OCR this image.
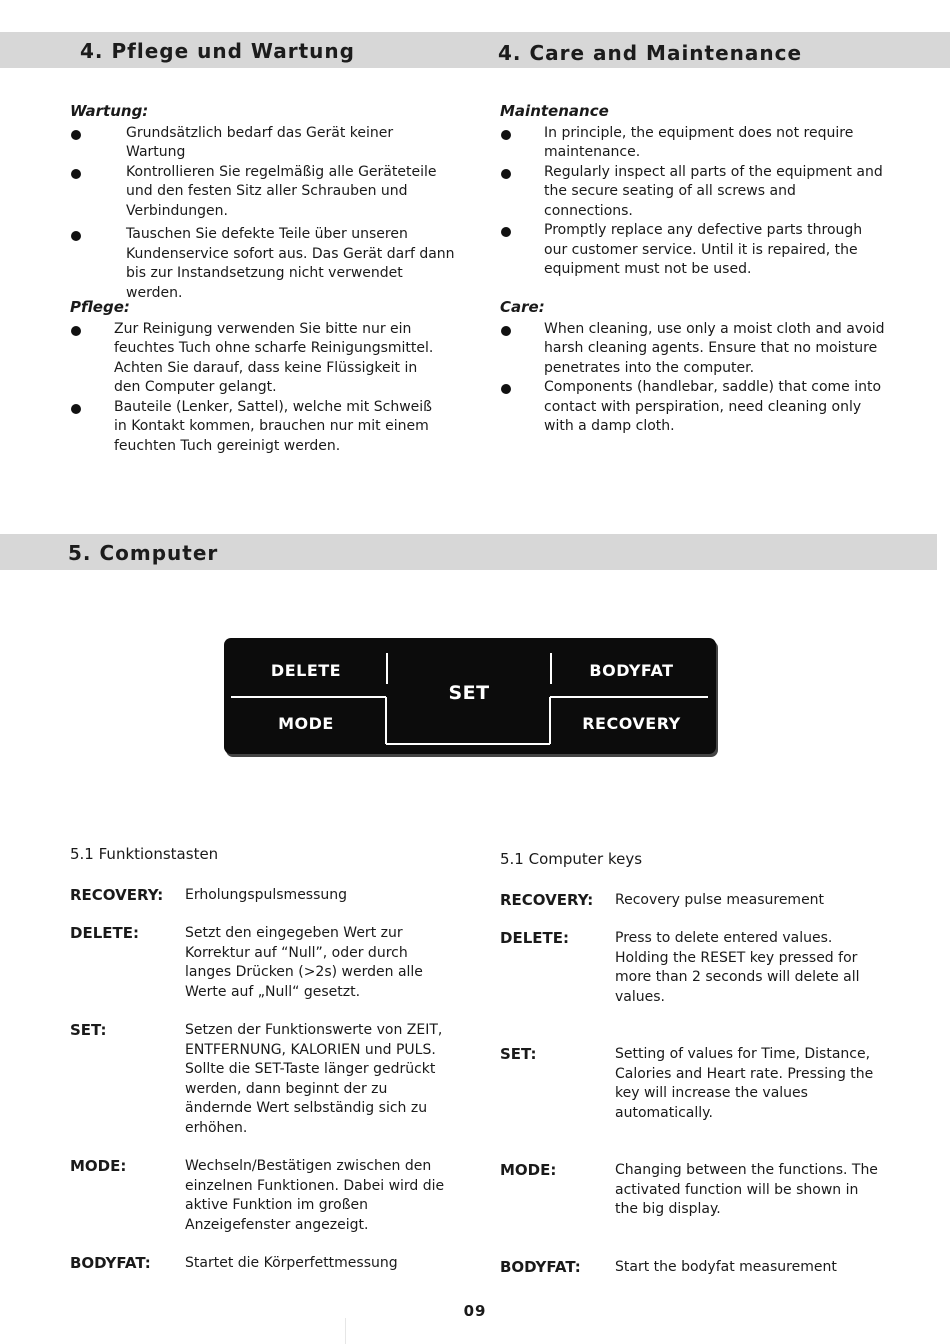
4. Pflege und Wartung	4. Care and Maintenance

Wartung:

Grundsätzlich bedarf das Gerät keiner Wartung
Kontrollieren Sie regelmäßig alle Geräteteile und den festen Sitz aller Schrauben und Verbindungen.
Tauschen Sie defekte Teile über unseren Kundenservice sofort aus. Das Gerät darf dann bis zur Instandsetzung nicht verwendet werden.

Maintenance

In principle, the equipment does not require maintenance.
Regularly inspect all parts of the equipment and the secure seating of all screws and connections.
Promptly replace any defective parts through our customer service. Until it is repaired, the equipment must not be used.

Pflege:

Zur Reinigung verwenden Sie bitte nur ein feuchtes Tuch ohne scharfe Reinigungsmittel. Achten Sie darauf, dass keine Flüssigkeit in den Computer gelangt.
Bauteile (Lenker, Sattel), welche mit Schweiß in Kontakt kommen, brauchen nur mit einem feuchten Tuch gereinigt werden.

Care:

When cleaning, use only a moist cloth and avoid harsh cleaning agents. Ensure that no moisture penetrates into the computer.
Components (handlebar, saddle) that come into contact with perspiration, need cleaning only with a damp cloth.
5. Computer
DELETE
MODE
SET
BODYFAT
RECOVERY

5.1 Funktionstasten

RECOVERY: Erholungspulsmessung
DELETE:	Setzt den eingegeben Wert zur Korrektur auf “Null”, oder durch langes Drücken (>2s) werden alle Werte auf „Null“ gesetzt.
SET:	Setzen der Funktionswerte von ZEIT, ENTFERNUNG, KALORIEN und PULS. Sollte die SET-Taste länger gedrückt werden, dann beginnt der zu ändernde Wert selbständig sich zu erhöhen.
MODE:	Wechseln/Bestätigen zwischen den einzelnen Funktionen. Dabei wird die aktive Funktion im großen Anzeigefenster angezeigt.
BODYFAT: Startet die Körperfettmessung

5.1 Computer keys

RECOVERY: Recovery pulse measurement
DELETE:	Press to delete entered values. Holding the RESET key pressed for more than 2 seconds will delete all values.
SET:	Setting of values for Time, Distance, Calories and Heart rate. Pressing the key will increase the values automatically.
MODE:	Changing between the functions. The activated function will be shown in the big display.
BODYFAT: Start the bodyfat measurement
09
